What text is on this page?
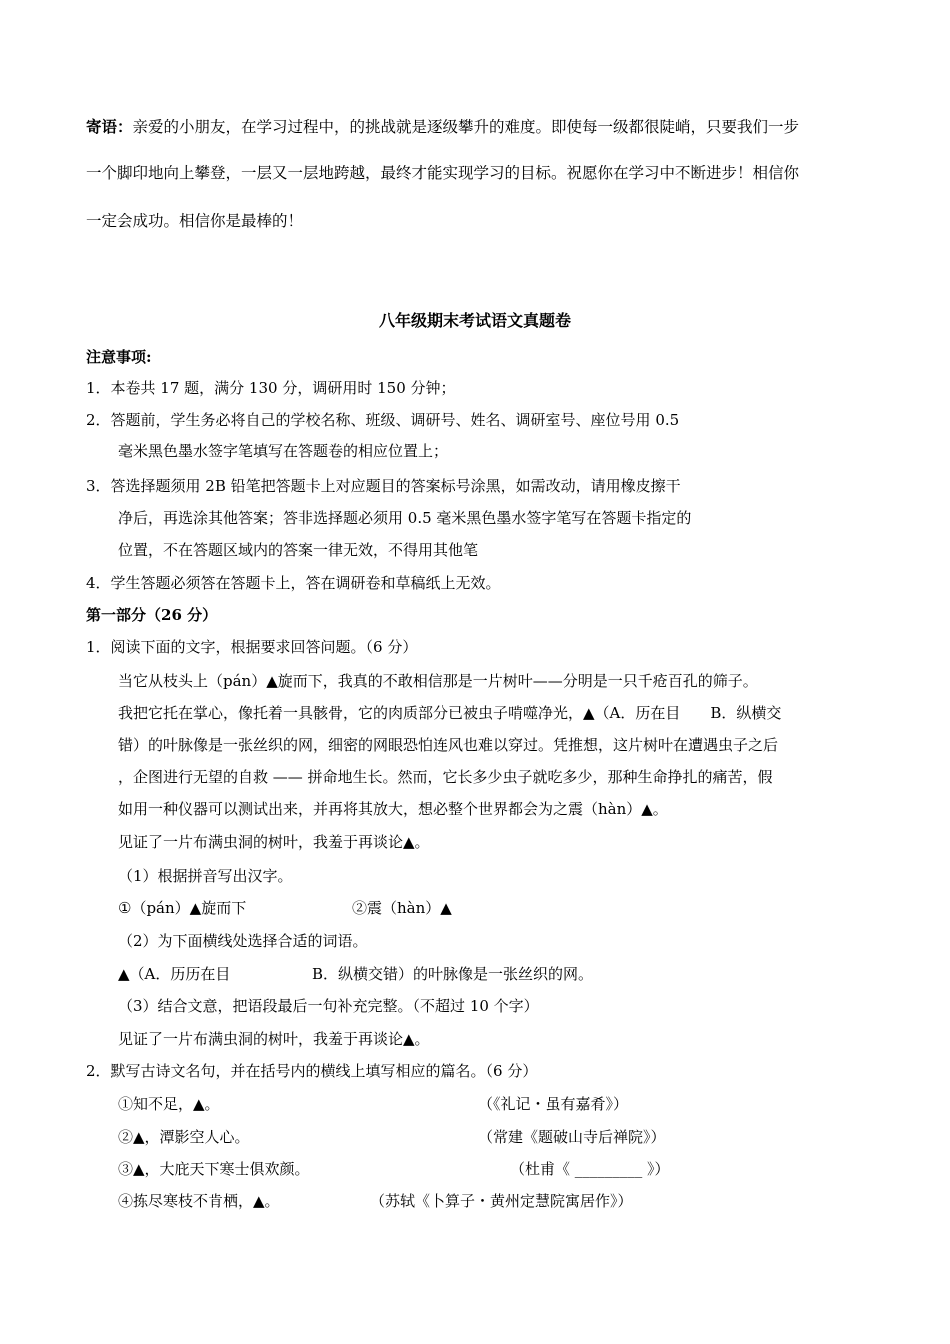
寄语：亲爱的小朋友，在学习过程中，的挑战就是逐级攀升的难度。即使每一级都很陡峭，只要我们一步
一个脚印地向上攀登，一层又一层地跨越，最终才能实现学习的目标。祝愿你在学习中不断进步！相信你
一定会成功。相信你是最棒的！
八年级期末考试语文真题卷
注意事项:
1．本卷共 17 题，满分 130 分，调研用时 150 分钟；
2．答题前，学生务必将自己的学校名称、班级、调研号、姓名、调研室号、座位号用 0.5
毫米黑色墨水签字笔填写在答题卷的相应位置上；
3．答选择题须用 2B 铅笔把答题卡上对应题目的答案标号涂黑，如需改动，请用橡皮擦干
净后，再选涂其他答案；答非选择题必须用 0.5 毫米黑色墨水签字笔写在答题卡指定的
位置，不在答题区域内的答案一律无效，不得用其他笔
4．学生答题必须答在答题卡上，答在调研卷和草稿纸上无效。
第一部分（26 分）
1．阅读下面的文字，根据要求回答问题。（6 分）
当它从枝头上（pán）▲旋而下，我真的不敢相信那是一片树叶——分明是一只千疮百孔的筛子。
我把它托在掌心，像托着一具骸骨，它的肉质部分已被虫子啃噬净光，▲（A．历在目　　B．纵横交
错）的叶脉像是一张丝织的网，细密的网眼恐怕连风也难以穿过。凭推想，这片树叶在遭遇虫子之后
，企图进行无望的自救 —— 拼命地生长。然而，它长多少虫子就吃多少，那种生命挣扎的痛苦，假
如用一种仪器可以测试出来，并再将其放大，想必整个世界都会为之震（hàn）▲。
见证了一片布满虫洞的树叶，我羞于再谈论▲。
（1）根据拼音写出汉字。
①（pán）▲旋而下	②震（hàn）▲
（2）为下面横线处选择合适的词语。
▲（A．历历在目	B．纵横交错）的叶脉像是一张丝织的网。
（3）结合文意，把语段最后一句补充完整。（不超过 10 个字）
见证了一片布满虫洞的树叶，我羞于再谈论▲。
2．默写古诗文名句，并在括号内的横线上填写相应的篇名。（6 分）
①知不足，▲。	（《礼记・虽有嘉肴》）
②▲，潭影空人心。	（常建《题破山寺后禅院》）
③▲，大庇天下寒士俱欢颜。	（杜甫《 _________ 》）
④拣尽寒枝不肯栖，▲。	（苏轼《卜算子・黄州定慧院寓居作》）
